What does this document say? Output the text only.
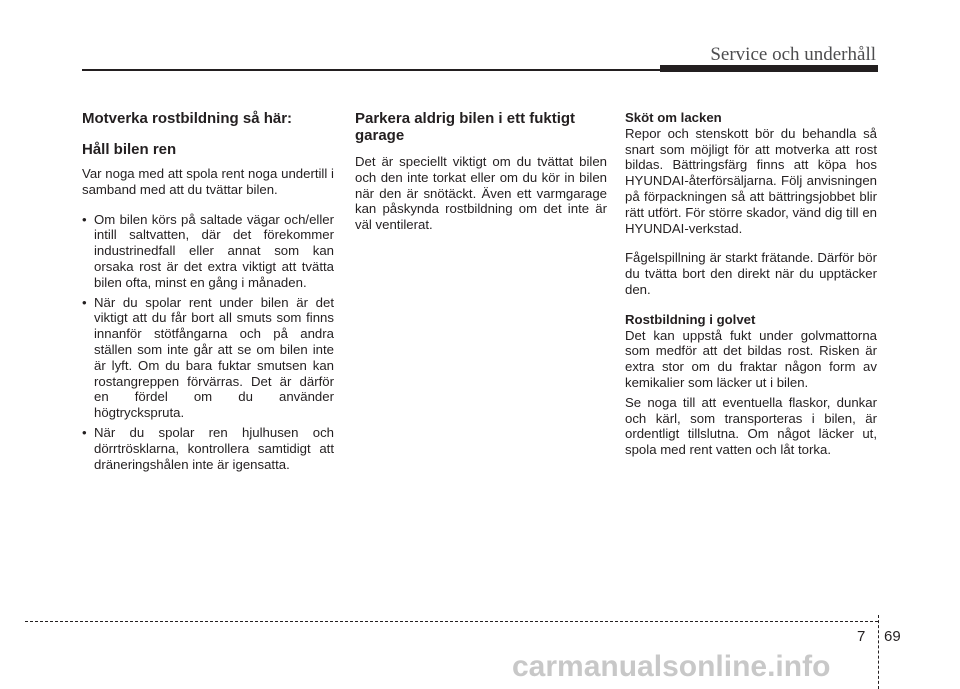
Service och underhåll
Motverka rostbildning så här:
Håll bilen ren

Var noga med att spola rent noga undertill i samband med att du tvättar bilen.

• Om bilen körs på saltade vägar och/eller intill saltvatten, där det förekommer industrinedfall eller annat som kan orsaka rost är det extra viktigt att tvätta bilen ofta, minst en gång i månaden.
• När du spolar rent under bilen är det viktigt att du får bort all smuts som finns innanför stötfångarna och på andra ställen som inte går att se om bilen inte är lyft. Om du bara fuktar smutsen kan rostangreppen förvärras. Det är därför en fördel om du använder högtryckspruta.
• När du spolar ren hjulhusen och dörrtrösklarna, kontrollera samtidigt att dräneringshålen inte är igensatta.
Parkera aldrig bilen i ett fuktigt garage

Det är speciellt viktigt om du tvättat bilen och den inte torkat eller om du kör in bilen när den är snötäckt. Även ett varmgarage kan påskynda rostbildning om det inte är väl ventilerat.

Sköt om lacken

Repor och stenskott bör du behandla så snart som möjligt för att motverka att rost bildas. Bättringsfärg finns att köpa hos HYUNDAI-återförsäljarna. Följ anvisningen på förpackningen så att bättringsjobbet blir rätt utfört. För större skador, vänd dig till en HYUNDAI-verkstad.

Fågelspillning är starkt frätande. Därför bör du tvätta bort den direkt när du upptäcker den.

Rostbildning i golvet

Det kan uppstå fukt under golvmattorna som medför att det bildas rost. Risken är extra stor om du fraktar någon form av kemikalier som läcker ut i bilen.

Se noga till att eventuella flaskor, dunkar och kärl, som transporteras i bilen, är ordentligt tillslutna. Om något läcker ut, spola med rent vatten och låt torka.

7 69
carmanualsonline.info
